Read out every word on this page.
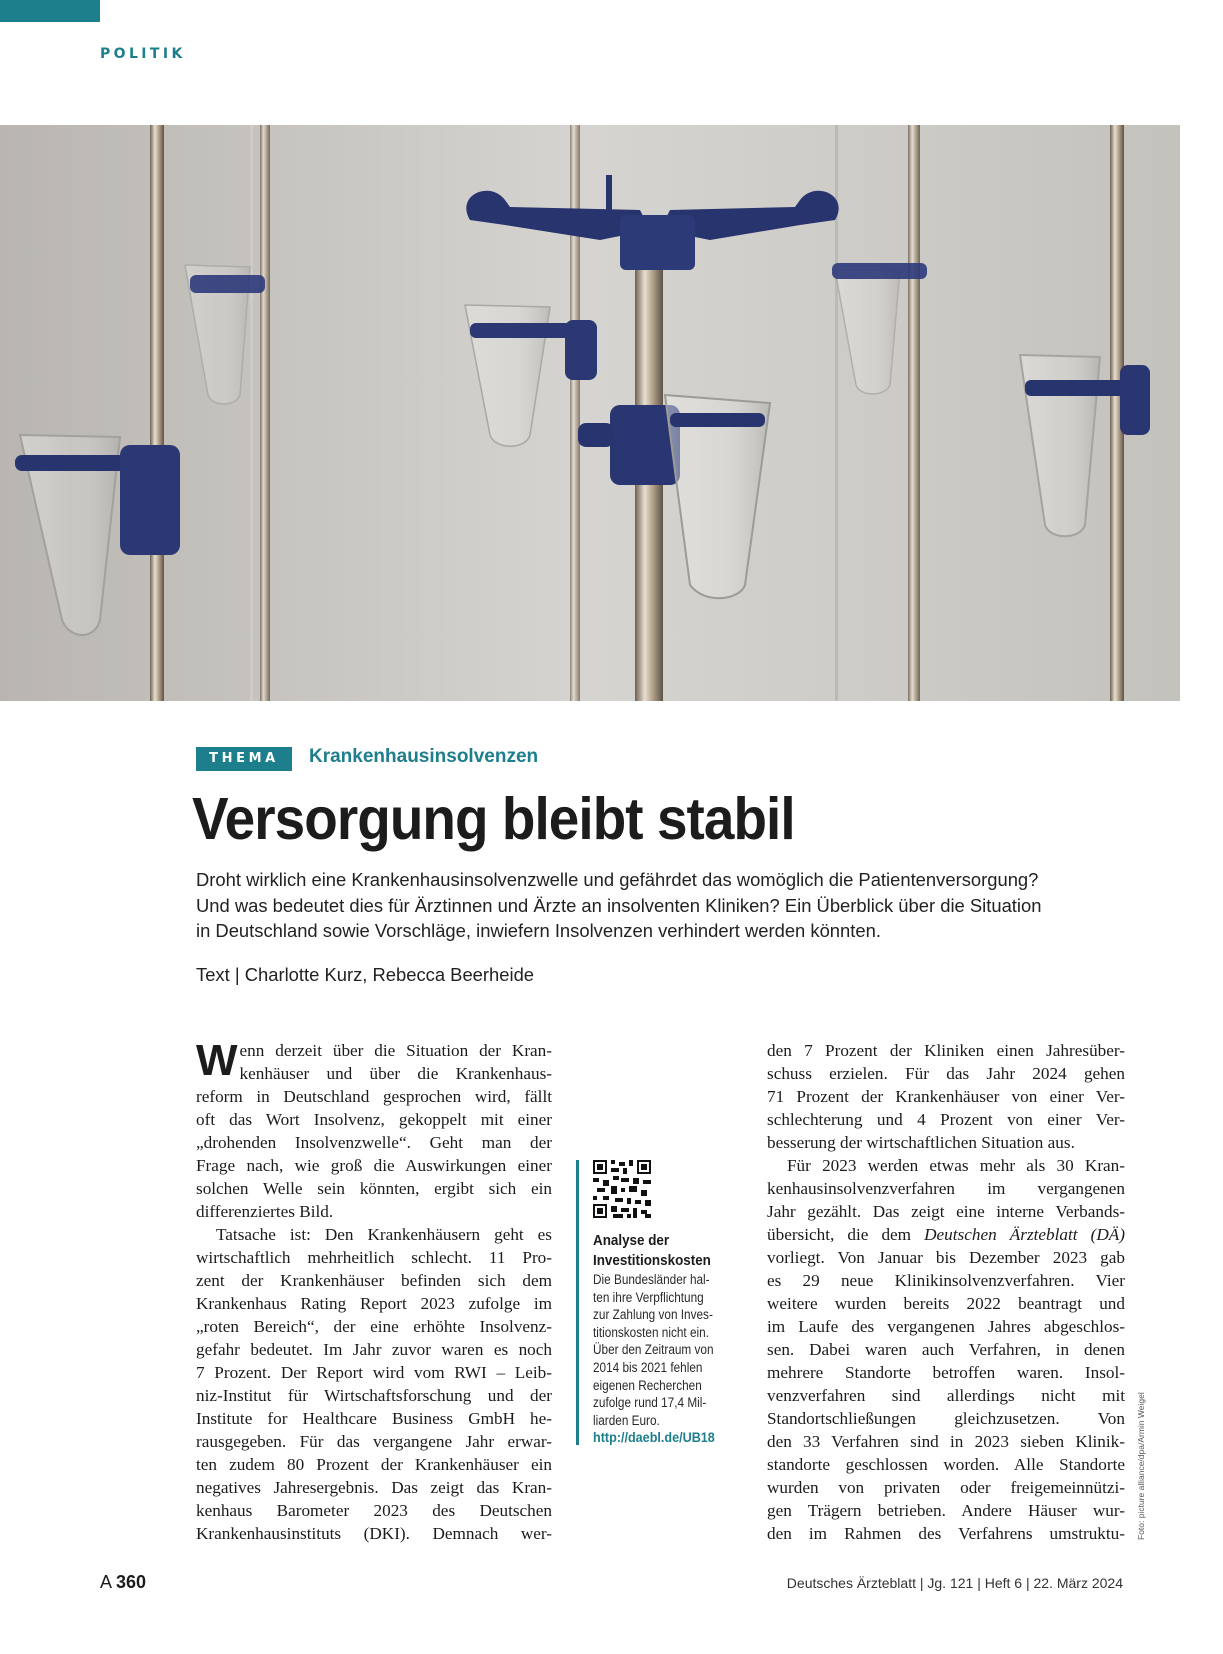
POLITIK
THEMA	Krankenhausinsolvenzen
Versorgung bleibt stabil

Droht wirklich eine Krankenhausinsolvenzwelle und gefährdet das womöglich die Patientenversorgung?

Und was bedeutet dies für Ärztinnen und Ärzte an insolventen Kliniken? Ein Überblick über die Situation

in Deutschland sowie Vorschläge, inwiefern Insolvenzen verhindert werden könnten.

Text | Charlotte Kurz, Rebecca Beerheide
W enn derzeit über die Situation der Kran-

kenhäuser und über die Krankenhaus-

reform in Deutschland gesprochen wird, fällt

oft das Wort Insolvenz, gekoppelt mit einer

„drohenden Insolvenzwelle“. Geht man der

Frage nach, wie groß die Auswirkungen einer

solchen Welle sein könnten, ergibt sich ein

differenziertes Bild.

Tatsache ist: Den Krankenhäusern geht es

wirtschaftlich mehrheitlich schlecht. 11 Pro-

zent der Krankenhäuser befinden sich dem

Krankenhaus Rating Report 2023 zufolge im

„roten Bereich“, der eine erhöhte Insolvenz-

gefahr bedeutet. Im Jahr zuvor waren es noch

7 Prozent. Der Report wird vom RWI – Leib-

niz-Institut für Wirtschaftsforschung und der

Institute for Healthcare Business GmbH he-

rausgegeben. Für das vergangene Jahr erwar-

ten zudem 80 Prozent der Krankenhäuser ein

negatives Jahresergebnis. Das zeigt das Kran-

kenhaus Barometer 2023 des Deutschen

Krankenhausinstituts (DKI). Demnach wer-

Analyse der
Investitionskosten

Die Bundesländer hal-

ten ihre Verpflichtung

zur Zahlung von Inves-

titionskosten nicht ein.

Über den Zeitraum von

2014 bis 2021 fehlen

eigenen Recherchen

zufolge rund 17,4 Mil-

liarden Euro.

http://daebl.de/UB18

den 7 Prozent der Kliniken einen Jahresüber-

schuss erzielen. Für das Jahr 2024 gehen

71 Prozent der Krankenhäuser von einer Ver-

schlechterung und 4 Prozent von einer Ver-

besserung der wirtschaftlichen Situation aus.

Für 2023 werden etwas mehr als 30 Kran-

kenhausinsolvenzverfahren im vergangenen

Jahr gezählt. Das zeigt eine interne Verbands-

übersicht, die dem Deutschen Ärzteblatt (DÄ)

vorliegt. Von Januar bis Dezember 2023 gab

es 29 neue Klinikinsolvenzverfahren. Vier

weitere wurden bereits 2022 beantragt und

im Laufe des vergangenen Jahres abgeschlos-

sen. Dabei waren auch Verfahren, in denen

mehrere Standorte betroffen waren. Insol-

venzverfahren sind allerdings nicht mit

Standortschließungen gleichzusetzen. Von

den 33 Verfahren sind in 2023 sieben Klinik-

standorte geschlossen worden. Alle Standorte

wurden von privaten oder freigemeinnützi-

gen Trägern betrieben. Andere Häuser wur-

den im Rahmen des Verfahrens umstruktu- Foto: picture alliance/dpa/Armin Weigel
A 360	Deutsches Ärzteblatt | Jg. 121 | Heft 6 | 22. März 2024
